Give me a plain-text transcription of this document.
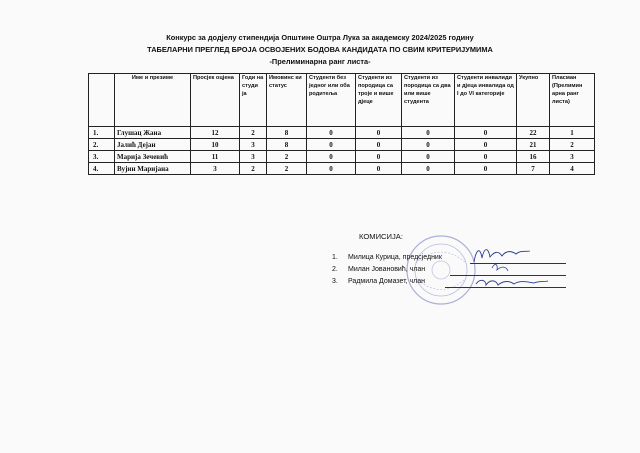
Конкурс за додјелу стипендија Општине Оштра Лука за академску 2024/2025 годину
ТАБЕЛАРНИ ПРЕГЛЕД БРОЈА ОСВОЈЕНИХ БОДОВА КАНДИДАТА ПО СВИМ КРИТЕРИЈУМИМА
-Прелиминарна ранг листа-
	Име и презиме	Просјек оцјена	Годи на студи ја	Имовинс ки статус	Студенти без једног или оба родитеља	Студенти из породица са троје и више дјеце	Студенти из породица са два или више студента	Студенти инвалиди и дјеца инвалида од I до VI категорије	Укупно	Пласман (Прелимин арна ранг листа)
1.	Глушац Жана	12	2	8	0	0	0	0	22	1
2.	Јалић Дејан	10	3	8	0	0	0	0	21	2
3.	Марија Зечевић	11	3	2	0	0	0	0	16	3
4.	Вујин Маријана	3	2	2	0	0	0	0	7	4
КОМИСИЈА:
1. Милица Курица, предсједник
2. Милан Јовановић, члан
3. Радмила Домазет, члан
